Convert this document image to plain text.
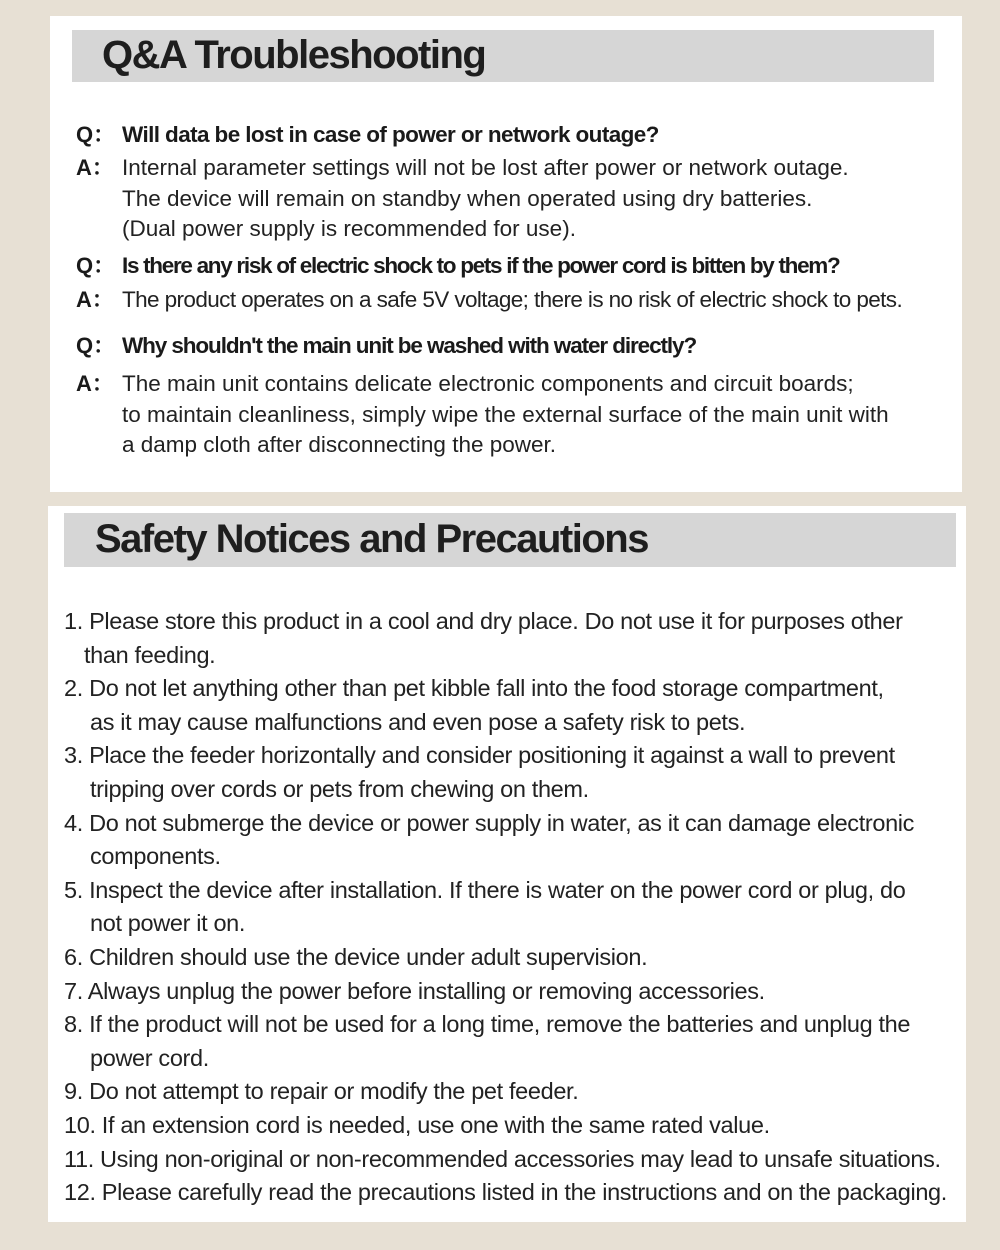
Q&A Troubleshooting
Q： Will data be lost in case of power or network outage?
A： Internal parameter settings will not be lost after power or network outage.
The device will remain on standby when operated using dry batteries.
(Dual power supply is recommended for use).
Q： Is there any risk of electric shock to pets if the power cord is bitten by them?
A： The product operates on a safe 5V voltage; there is no risk of electric shock to pets.
Q： Why shouldn't the main unit be washed with water directly?
A： The main unit contains delicate electronic components and circuit boards;
to maintain cleanliness, simply wipe the external surface of the main unit with
a damp cloth after disconnecting the power.
Safety Notices and Precautions
1. Please store this product in a cool and dry place. Do not use it for purposes other
than feeding.
2. Do not let anything other than pet kibble fall into the food storage compartment,
as it may cause malfunctions and even pose a safety risk to pets.
3. Place the feeder horizontally and consider positioning it against a wall to prevent
tripping over cords or pets from chewing on them.
4. Do not submerge the device or power supply in water, as it can damage electronic
components.
5. Inspect the device after installation. If there is water on the power cord or plug, do
not power it on.
6. Children should use the device under adult supervision.
7. Always unplug the power before installing or removing accessories.
8. If the product will not be used for a long time, remove the batteries and unplug the
power cord.
9. Do not attempt to repair or modify the pet feeder.
10. If an extension cord is needed, use one with the same rated value.
11. Using non-original or non-recommended accessories may lead to unsafe situations.
12. Please carefully read the precautions listed in the instructions and on the packaging.
